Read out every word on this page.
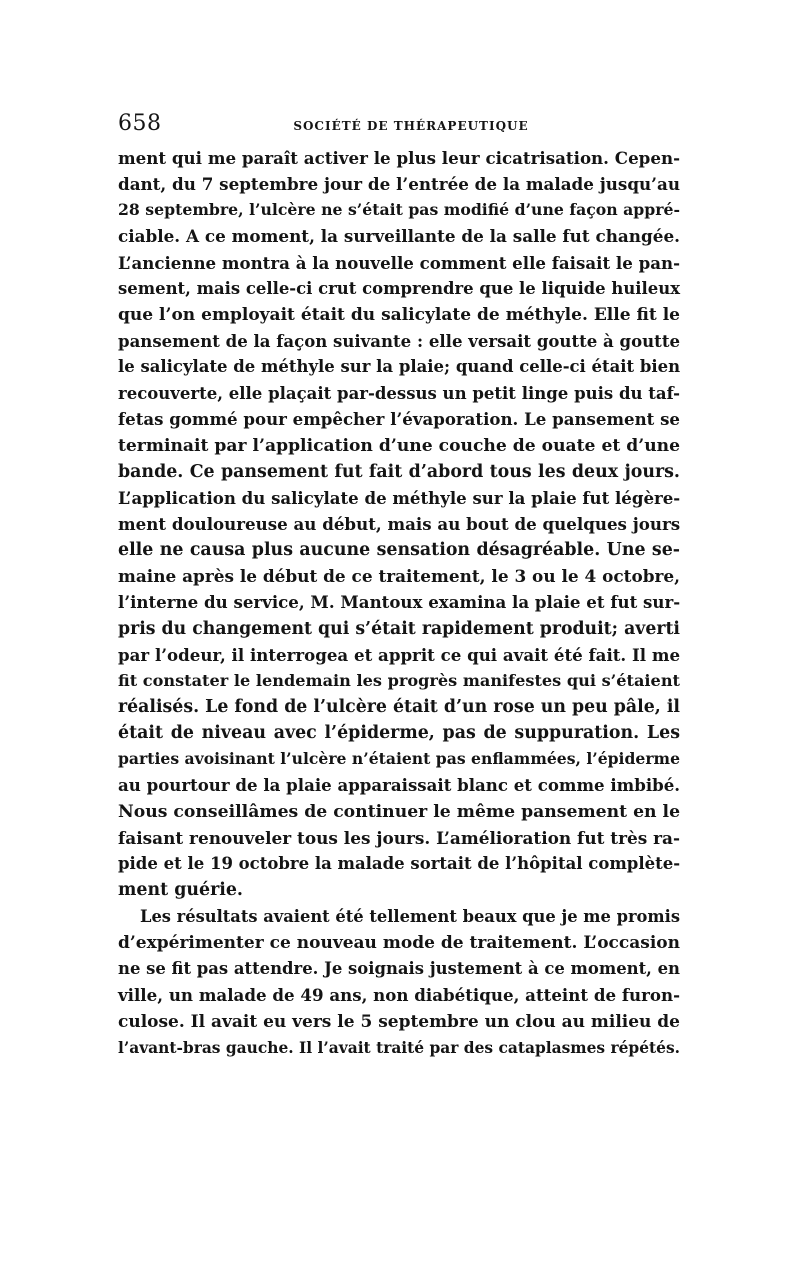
658	SOCIÉTÉ DE THÉRAPEUTIQUE
ment qui me paraît activer le plus leur cicatrisation. Cepen-
dant, du 7 septembre jour de l’entrée de la malade jusqu’au
28 septembre, l’ulcère ne s’était pas modifié d’une façon appré-
ciable. A ce moment, la surveillante de la salle fut changée.
L’ancienne montra à la nouvelle comment elle faisait le pan-
sement, mais celle-ci crut comprendre que le liquide huileux
que l’on employait était du salicylate de méthyle. Elle fit le
pansement de la façon suivante : elle versait goutte à goutte
le salicylate de méthyle sur la plaie; quand celle-ci était bien
recouverte, elle plaçait par-dessus un petit linge puis du taf-
fetas gommé pour empêcher l’évaporation. Le pansement se
terminait par l’application d’une couche de ouate et d’une
bande. Ce pansement fut fait d’abord tous les deux jours.
L’application du salicylate de méthyle sur la plaie fut légère-
ment douloureuse au début, mais au bout de quelques jours
elle ne causa plus aucune sensation désagréable. Une se-
maine après le début de ce traitement, le 3 ou le 4 octobre,
l’interne du service, M. Mantoux examina la plaie et fut sur-
pris du changement qui s’était rapidement produit; averti
par l’odeur, il interrogea et apprit ce qui avait été fait. Il me
fit constater le lendemain les progrès manifestes qui s’étaient
réalisés. Le fond de l’ulcère était d’un rose un peu pâle, il
était de niveau avec l’épiderme, pas de suppuration. Les
parties avoisinant l’ulcère n’étaient pas enflammées, l’épiderme
au pourtour de la plaie apparaissait blanc et comme imbibé.
Nous conseillâmes de continuer le même pansement en le
faisant renouveler tous les jours. L’amélioration fut très ra-
pide et le 19 octobre la malade sortait de l’hôpital complète-
ment guérie.
Les résultats avaient été tellement beaux que je me promis
d’expérimenter ce nouveau mode de traitement. L’occasion
ne se fit pas attendre. Je soignais justement à ce moment, en
ville, un malade de 49 ans, non diabétique, atteint de furon-
culose. Il avait eu vers le 5 septembre un clou au milieu de
l’avant-bras gauche. Il l’avait traité par des cataplasmes répétés.
